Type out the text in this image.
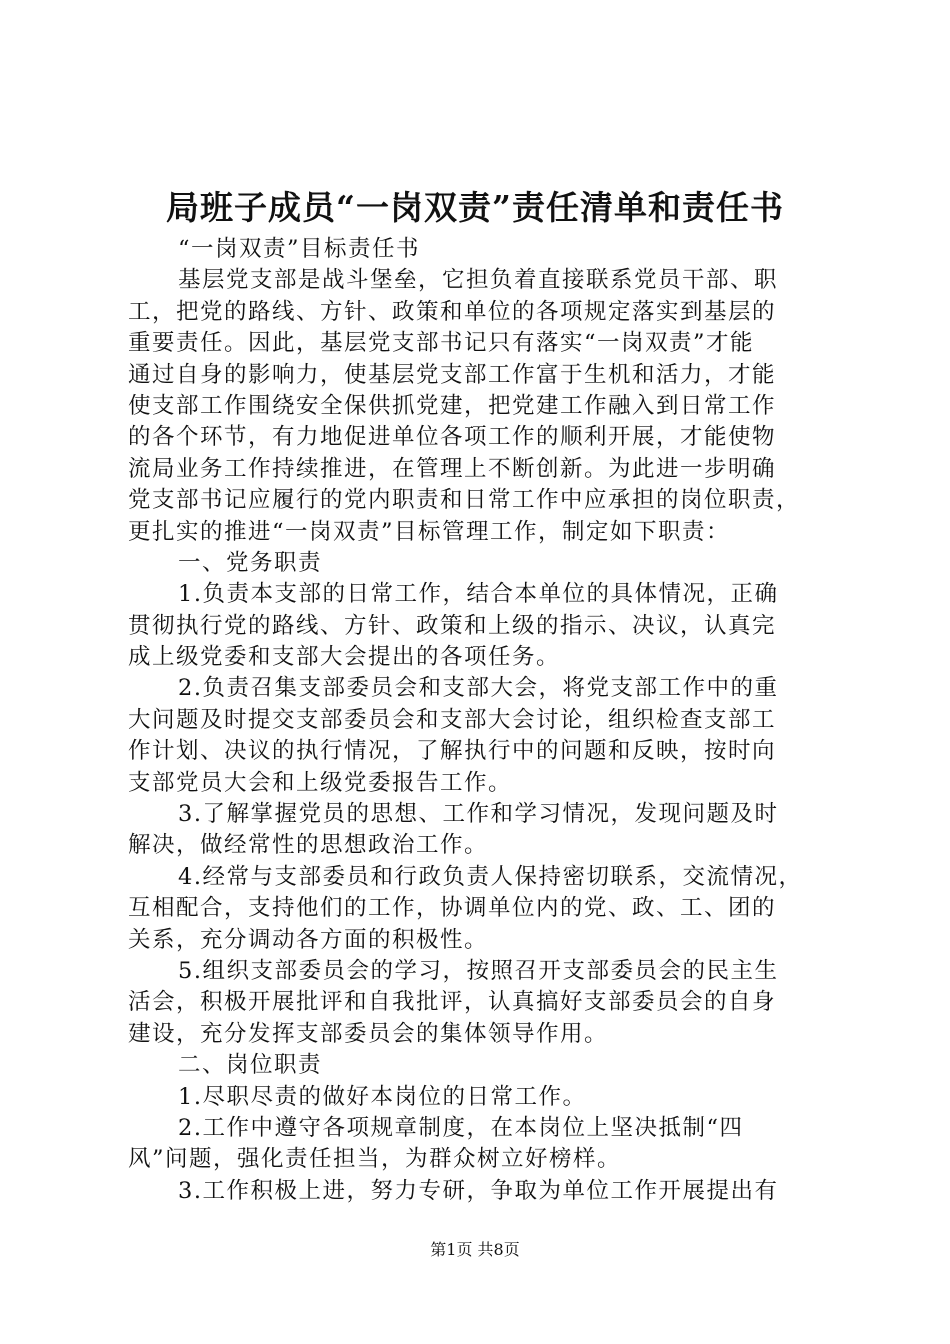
局班子成员“一岗双责”责任清单和责任书
“一岗双责”目标责任书
基层党支部是战斗堡垒，它担负着直接联系党员干部、职
工，把党的路线、方针、政策和单位的各项规定落实到基层的
重要责任。因此，基层党支部书记只有落实“一岗双责”才能
通过自身的影响力，使基层党支部工作富于生机和活力，才能
使支部工作围绕安全保供抓党建，把党建工作融入到日常工作
的各个环节，有力地促进单位各项工作的顺利开展，才能使物
流局业务工作持续推进，在管理上不断创新。为此进一步明确
党支部书记应履行的党内职责和日常工作中应承担的岗位职责，
更扎实的推进“一岗双责”目标管理工作，制定如下职责：
一、党务职责
1.负责本支部的日常工作，结合本单位的具体情况，正确
贯彻执行党的路线、方针、政策和上级的指示、决议，认真完
成上级党委和支部大会提出的各项任务。
2.负责召集支部委员会和支部大会，将党支部工作中的重
大问题及时提交支部委员会和支部大会讨论，组织检查支部工
作计划、决议的执行情况，了解执行中的问题和反映，按时向
支部党员大会和上级党委报告工作。
3.了解掌握党员的思想、工作和学习情况，发现问题及时
解决，做经常性的思想政治工作。
4.经常与支部委员和行政负责人保持密切联系，交流情况，
互相配合，支持他们的工作，协调单位内的党、政、工、团的
关系，充分调动各方面的积极性。
5.组织支部委员会的学习，按照召开支部委员会的民主生
活会，积极开展批评和自我批评，认真搞好支部委员会的自身
建设，充分发挥支部委员会的集体领导作用。
二、岗位职责
1.尽职尽责的做好本岗位的日常工作。
2.工作中遵守各项规章制度，在本岗位上坚决抵制“四
风”问题，强化责任担当，为群众树立好榜样。
3.工作积极上进，努力专研，争取为单位工作开展提出有
第1页 共8页
